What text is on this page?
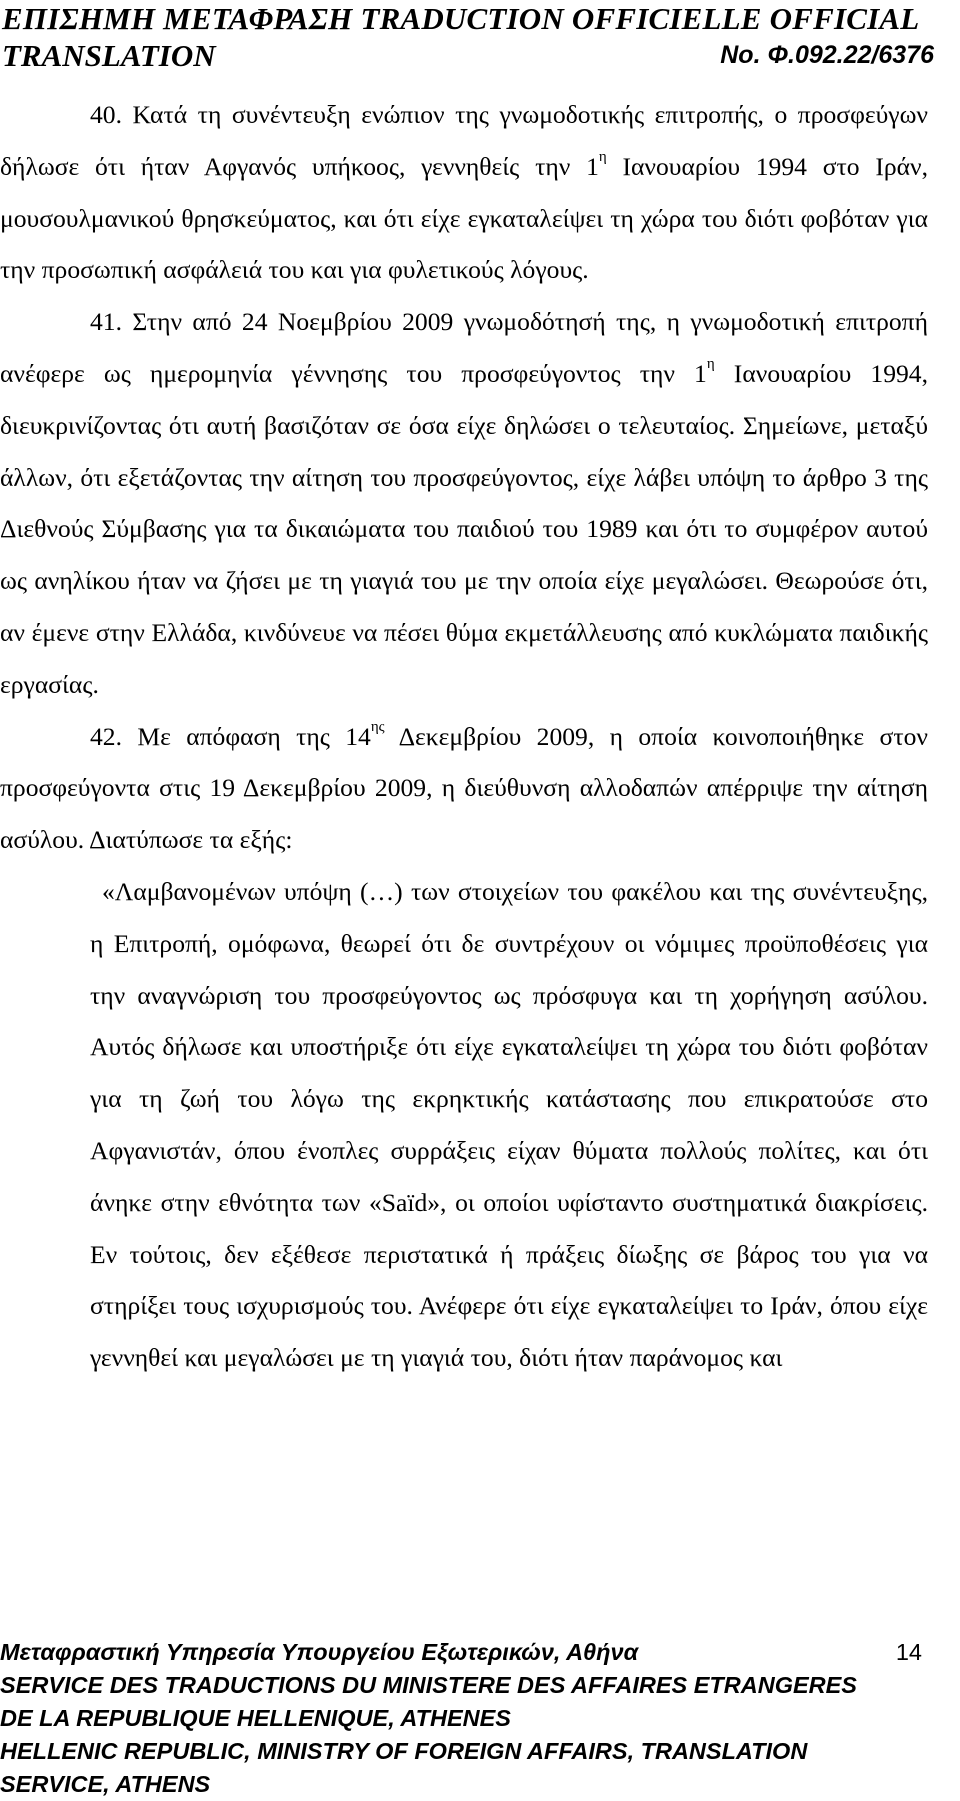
ΕΠΙΣΗΜΗ ΜΕΤΑΦΡΑΣΗ TRADUCTION OFFICIELLE OFFICIAL
TRANSLATION	No. Φ.092.22/6376

40. Κατά τη συνέντευξη ενώπιον της γνωμοδοτικής επιτροπής, ο προσφεύγων δήλωσε ότι ήταν Αφγανός υπήκοος, γεννηθείς την $1^\eta$ Ιανουαρίου 1994 στο Ιράν, μουσουλμανικού θρησκεύματος, και ότι είχε εγκαταλείψει τη χώρα του διότι φοβόταν για την προσωπική ασφάλειά του και για φυλετικούς λόγους.

41. Στην από 24 Νοεμβρίου 2009 γνωμοδότησή της, η γνωμοδοτική επιτροπή ανέφερε ως ημερομηνία γέννησης του προσφεύγοντος την $1^\eta$ Ιανουαρίου 1994, διευκρινίζοντας ότι αυτή βασιζόταν σε όσα είχε δηλώσει ο τελευταίος. Σημείωνε, μεταξύ άλλων, ότι εξετάζοντας την αίτηση του προσφεύγοντος, είχε λάβει υπόψη το άρθρο 3 της Διεθνούς Σύμβασης για τα δικαιώματα του παιδιού του 1989 και ότι το συμφέρον αυτού ως ανηλίκου ήταν να ζήσει με τη γιαγιά του με την οποία είχε μεγαλώσει. Θεωρούσε ότι, αν έμενε στην Ελλάδα, κινδύνευε να πέσει θύμα εκμετάλλευσης από κυκλώματα παιδικής εργασίας.

42. Με απόφαση της $14^{\eta\varsigma}$ Δεκεμβρίου 2009, η οποία κοινοποιήθηκε στον προσφεύγοντα στις 19 Δεκεμβρίου 2009, η διεύθυνση αλλοδαπών απέρριψε την αίτηση ασύλου. Διατύπωσε τα εξής:

«Λαμβανομένων υπόψη (…) των στοιχείων του φακέλου και της συνέντευξης, η Επιτροπή, ομόφωνα, θεωρεί ότι δε συντρέχουν οι νόμιμες προϋποθέσεις για την αναγνώριση του προσφεύγοντος ως πρόσφυγα και τη χορήγηση ασύλου. Αυτός δήλωσε και υποστήριξε ότι είχε εγκαταλείψει τη χώρα του διότι φοβόταν για τη ζωή του λόγω της εκρηκτικής κατάστασης που επικρατούσε στο Αφγανιστάν, όπου ένοπλες συρράξεις είχαν θύματα πολλούς πολίτες, και ότι άνηκε στην εθνότητα των «Saïd», οι οποίοι υφίσταντο συστηματικά διακρίσεις. Εν τούτοις, δεν εξέθεσε περιστατικά ή πράξεις δίωξης σε βάρος του για να στηρίξει τους ισχυρισμούς του. Ανέφερε ότι είχε εγκαταλείψει το Ιράν, όπου είχε γεννηθεί και μεγαλώσει με τη γιαγιά του, διότι ήταν παράνομος και

Μεταφραστική Υπηρεσία Υπουργείου Εξωτερικών, Αθήνα	14
SERVICE DES TRADUCTIONS DU MINISTERE DES AFFAIRES ETRANGERES
DE LA REPUBLIQUE HELLENIQUE, ATHENES
HELLENIC REPUBLIC, MINISTRY OF FOREIGN AFFAIRS, TRANSLATION
SERVICE, ATHENS
